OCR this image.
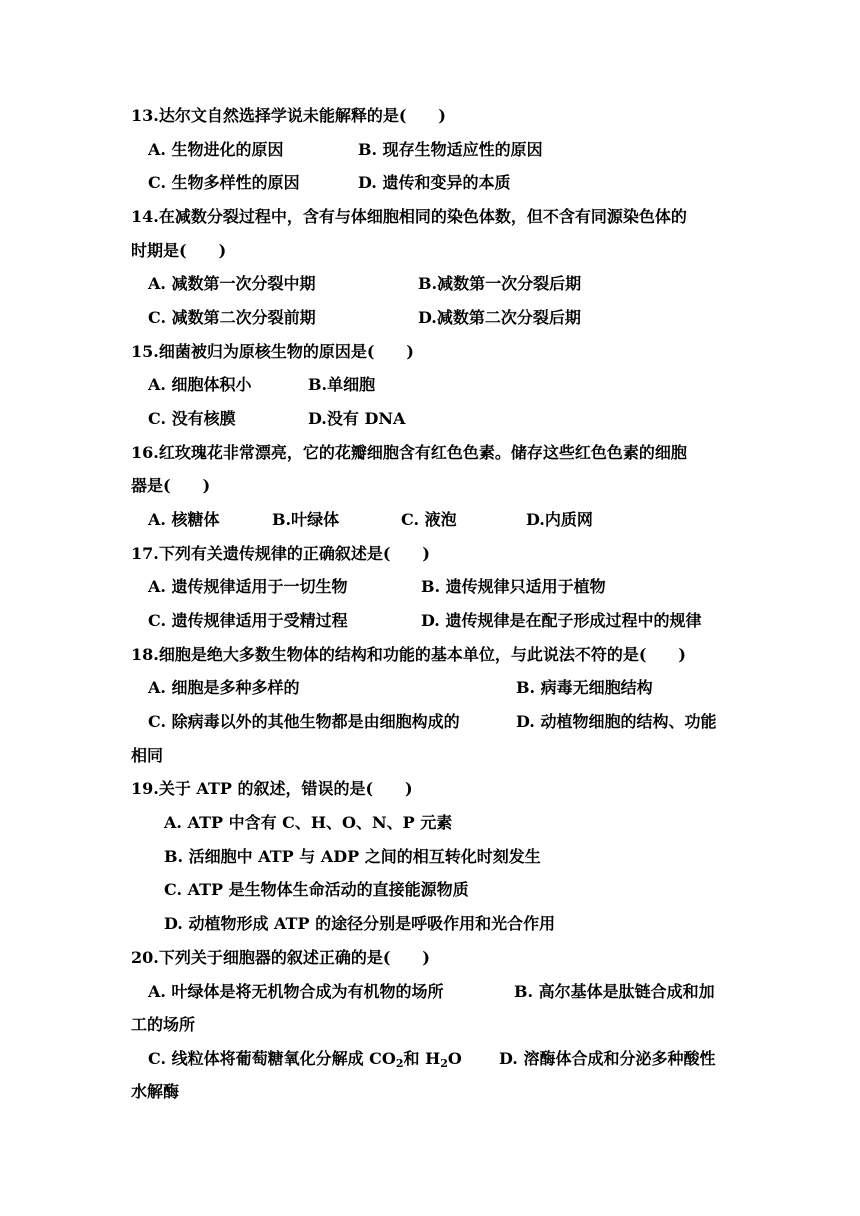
13.达尔文自然选择学说未能解释的是(　　)
A. 生物进化的原因	B. 现存生物适应性的原因
C. 生物多样性的原因	D. 遗传和变异的本质
14.在减数分裂过程中，含有与体细胞相同的染色体数，但不含有同源染色体的
时期是(　　)
A. 减数第一次分裂中期	B.减数第一次分裂后期
C. 减数第二次分裂前期	D.减数第二次分裂后期
15.细菌被归为原核生物的原因是(　　)
A. 细胞体积小	B.单细胞
C. 没有核膜	D.没有 DNA
16.红玫瑰花非常漂亮，它的花瓣细胞含有红色色素。储存这些红色色素的细胞
器是(　　)
A. 核糖体	B.叶绿体	C. 液泡	D.内质网
17.下列有关遗传规律的正确叙述是(　　)
A. 遗传规律适用于一切生物	B. 遗传规律只适用于植物
C. 遗传规律适用于受精过程	D. 遗传规律是在配子形成过程中的规律
18.细胞是绝大多数生物体的结构和功能的基本单位，与此说法不符的是(　　)
A. 细胞是多种多样的	B. 病毒无细胞结构
C. 除病毒以外的其他生物都是由细胞构成的	D. 动植物细胞的结构、功能
相同
19.关于 ATP 的叙述，错误的是(　　)
A. ATP 中含有 C、H、O、N、P 元素
B. 活细胞中 ATP 与 ADP 之间的相互转化时刻发生
C. ATP 是生物体生命活动的直接能源物质
D. 动植物形成 ATP 的途径分别是呼吸作用和光合作用
20.下列关于细胞器的叙述正确的是(　　)
A. 叶绿体是将无机物合成为有机物的场所	B. 高尔基体是肽链合成和加
工的场所
C. 线粒体将葡萄糖氧化分解成 $CO_2$和 $H_2O$ D. 溶酶体合成和分泌多种酸性
水解酶
